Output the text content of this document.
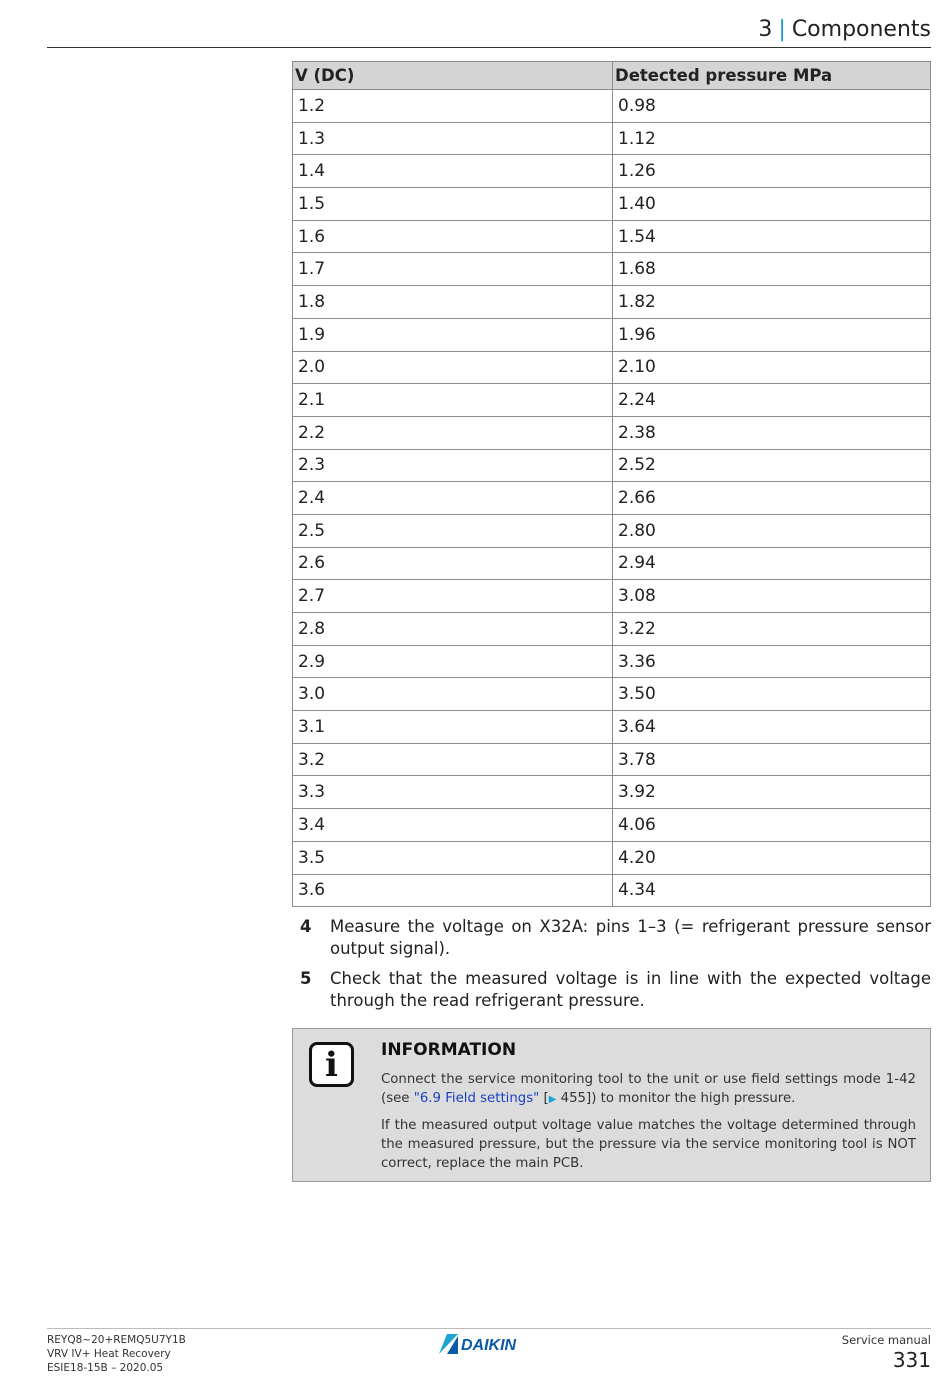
3 | Components
V (DC)	Detected pressure MPa
1.2	0.98
1.3	1.12
1.4	1.26
1.5	1.40
1.6	1.54
1.7	1.68
1.8	1.82
1.9	1.96
2.0	2.10
2.1	2.24
2.2	2.38
2.3	2.52
2.4	2.66
2.5	2.80
2.6	2.94
2.7	3.08
2.8	3.22
2.9	3.36
3.0	3.50
3.1	3.64
3.2	3.78
3.3	3.92
3.4	4.06
3.5	4.20
3.6	4.34
4	Measure the voltage on X32A: pins 1–3 (= refrigerant pressure sensor output signal).
5	Check that the measured voltage is in line with the expected voltage through the read refrigerant pressure.
i	INFORMATION

Connect the service monitoring tool to the unit or use field settings mode 1-42 (see "6.9 Field settings" [▶ 455]) to monitor the high pressure.

If the measured output voltage value matches the voltage determined through the measured pressure, but the pressure via the service monitoring tool is NOT correct, replace the main PCB.

REYQ8~20+REMQ5U7Y1B
VRV IV+ Heat Recovery
ESIE18-15B – 2020.05
DAIKIN	Service manual
331
